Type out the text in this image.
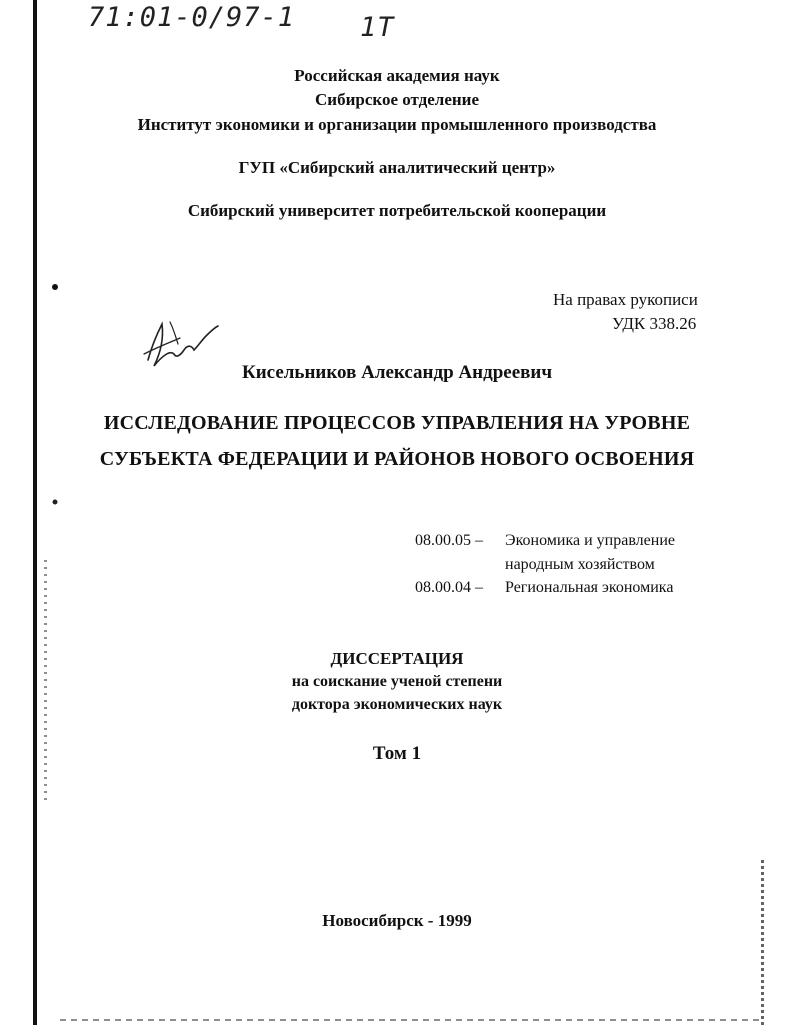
71:01-0/97-1 1Т
Российская академия наук
Сибирское отделение
Институт экономики и организации промышленного производства
ГУП «Сибирский аналитический центр»
Сибирский университет потребительской кооперации
На правах рукописи
УДК 338.26
Кисельников Александр Андреевич
ИССЛЕДОВАНИЕ ПРОЦЕССОВ УПРАВЛЕНИЯ НА УРОВНЕ
СУБЪЕКТА ФЕДЕРАЦИИ И РАЙОНОВ НОВОГО ОСВОЕНИЯ
08.00.05 – Экономика и управление
народным хозяйством
08.00.04 – Региональная экономика
ДИССЕРТАЦИЯ
на соискание ученой степени
доктора экономических наук
Том 1
Новосибирск - 1999
